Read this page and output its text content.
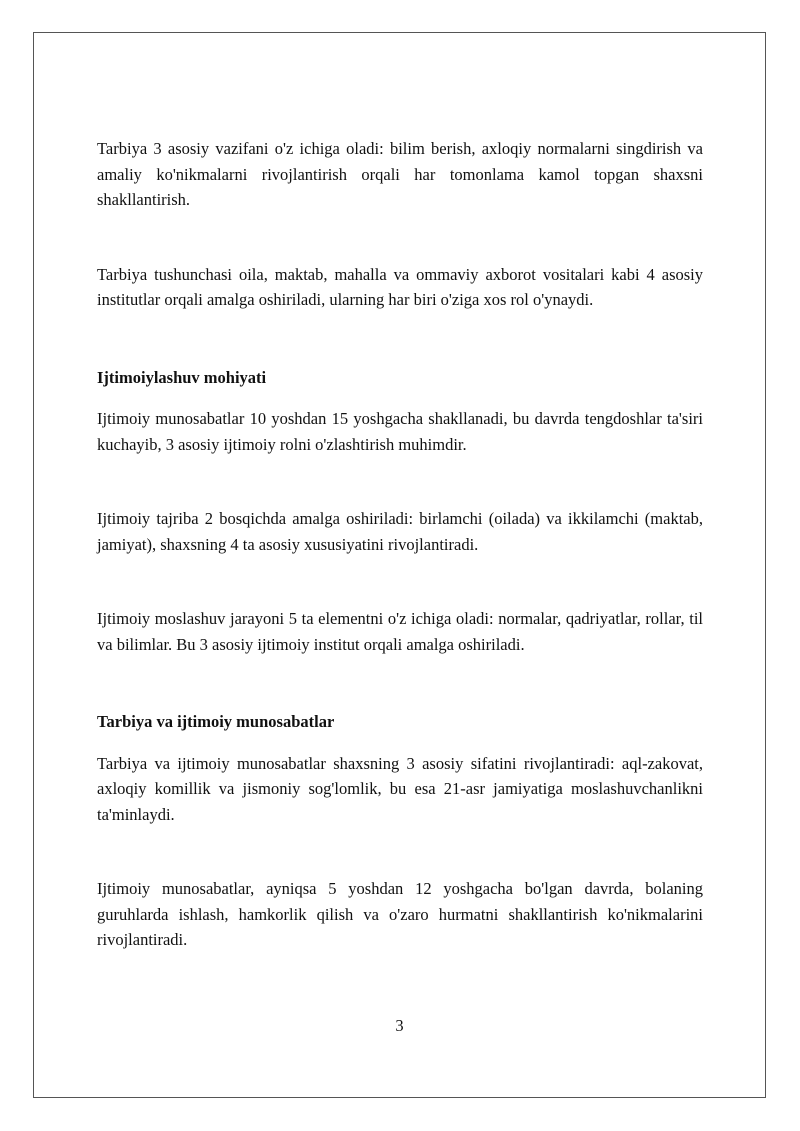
Tarbiya 3 asosiy vazifani o'z ichiga oladi: bilim berish, axloqiy normalarni singdirish va amaliy ko'nikmalarni rivojlantirish orqali har tomonlama kamol topgan shaxsni shakllantirish.

Tarbiya tushunchasi oila, maktab, mahalla va ommaviy axborot vositalari kabi 4 asosiy institutlar orqali amalga oshiriladi, ularning har biri o'ziga xos rol o'ynaydi.

Ijtimoiylashuv mohiyati

Ijtimoiy munosabatlar 10 yoshdan 15 yoshgacha shakllanadi, bu davrda tengdoshlar ta'siri kuchayib, 3 asosiy ijtimoiy rolni o'zlashtirish muhimdir.

Ijtimoiy tajriba 2 bosqichda amalga oshiriladi: birlamchi (oilada) va ikkilamchi (maktab, jamiyat), shaxsning 4 ta asosiy xususiyatini rivojlantiradi.

Ijtimoiy moslashuv jarayoni 5 ta elementni o'z ichiga oladi: normalar, qadriyatlar, rollar, til va bilimlar. Bu 3 asosiy ijtimoiy institut orqali amalga oshiriladi.

Tarbiya va ijtimoiy munosabatlar

Tarbiya va ijtimoiy munosabatlar shaxsning 3 asosiy sifatini rivojlantiradi: aql-zakovat, axloqiy komillik va jismoniy sog'lomlik, bu esa 21-asr jamiyatiga moslashuvchanlikni ta'minlaydi.

Ijtimoiy munosabatlar, ayniqsa 5 yoshdan 12 yoshgacha bo'lgan davrda, bolaning guruhlarda ishlash, hamkorlik qilish va o'zaro hurmatni shakllantirish ko'nikmalarini rivojlantiradi.

3
